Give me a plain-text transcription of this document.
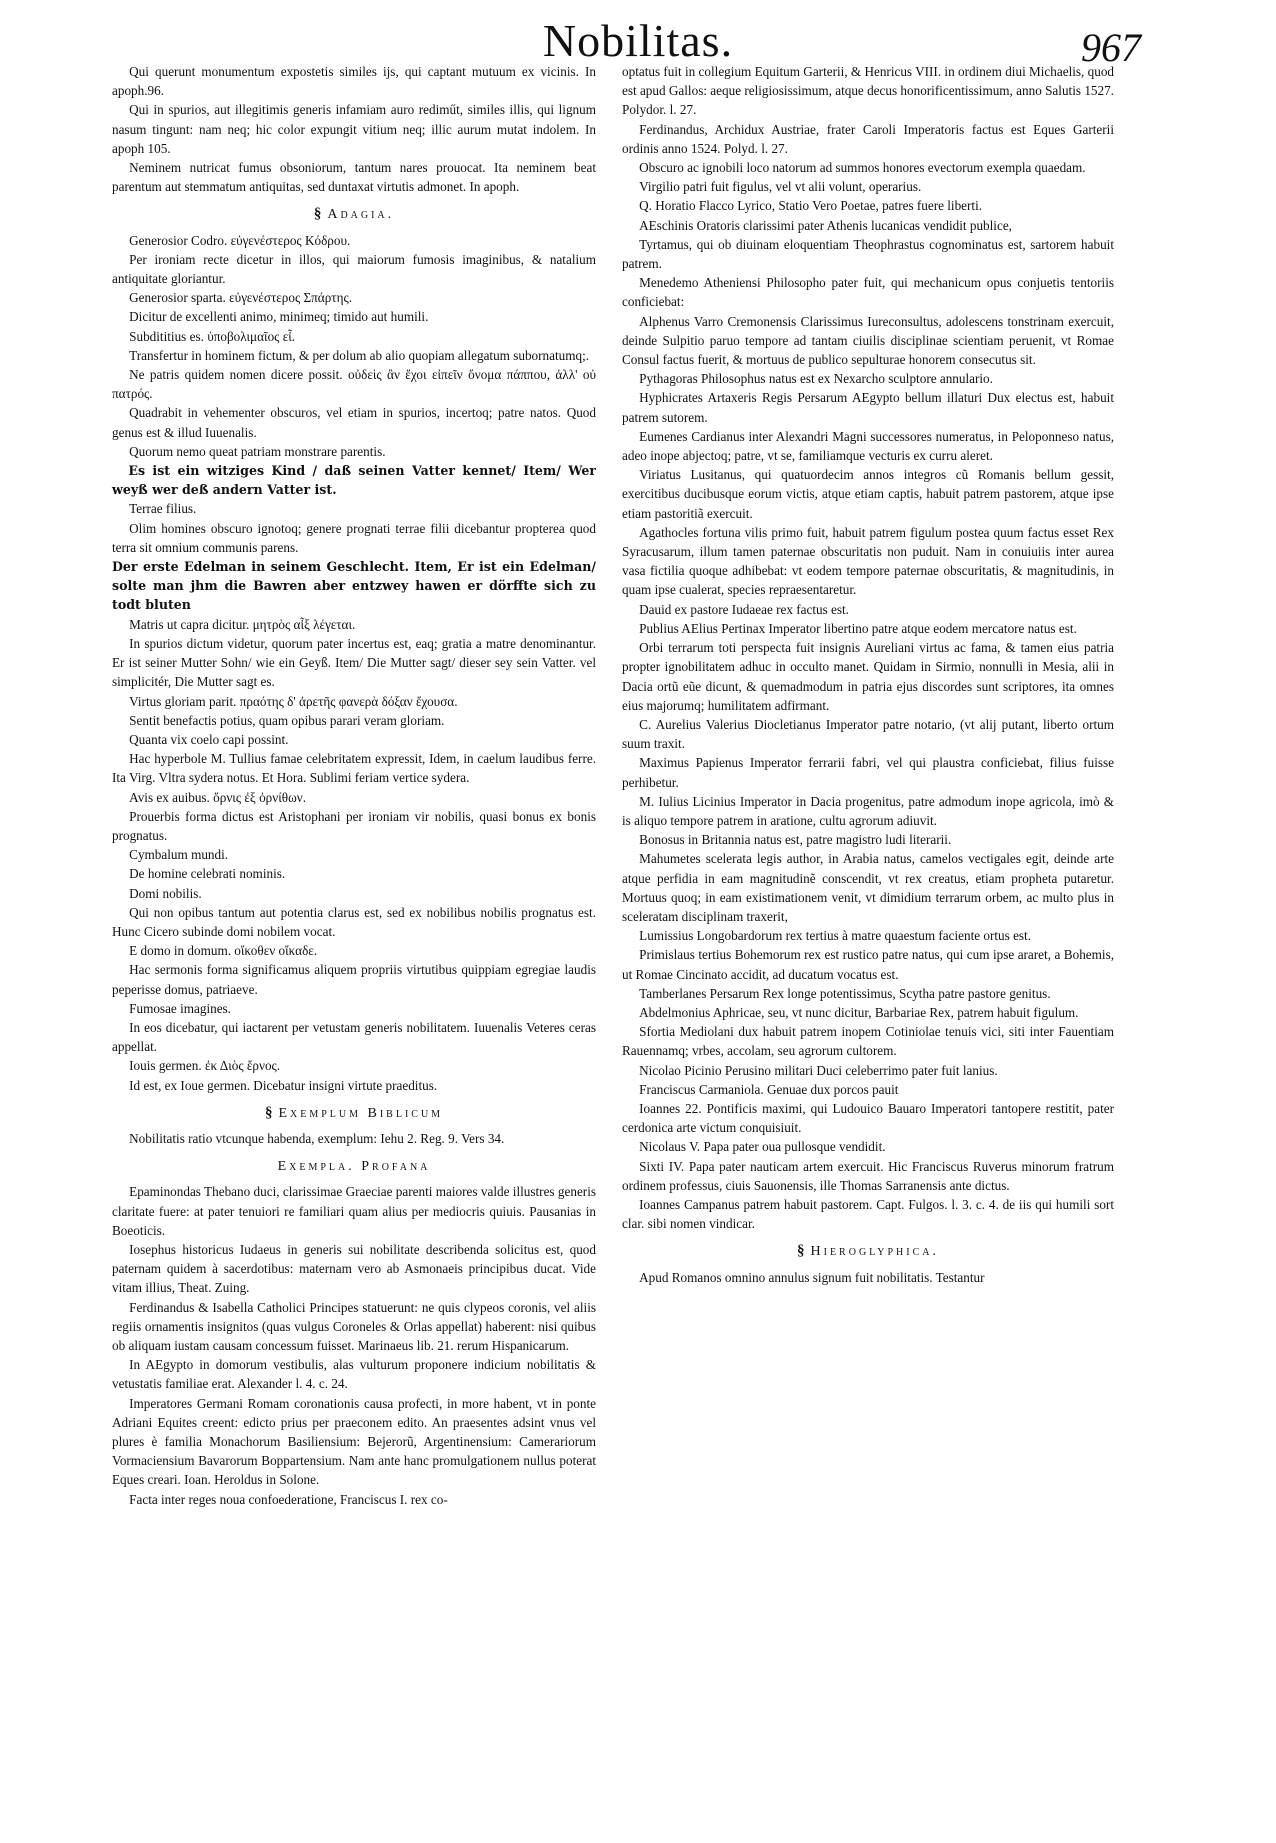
Nobilitas.	967

Qui querunt monumentum expostetis similes ijs, qui captant mutuum ex vicinis. In apoph.96.

Qui in spurios, aut illegitimis generis infamiam auro rediműt, similes illis, qui lignum nasum tingunt: nam neq; hic color expungit vitium neq; illic aurum mutat indolem. In apoph 105.

Neminem nutricat fumus obsoniorum, tantum nares prouocat. Ita neminem beat parentum aut stemmatum antiquitas, sed duntaxat virtutis admonet. In apoph.

§ Adagia.

Generosior Codro. εὐγενέστερος Κόδρου.

Per ironiam recte dicetur in illos, qui maiorum fumosis imaginibus, & natalium antiquitate gloriantur.

Generosior sparta. εὐγενέστερος Σπάρτης.

Dicitur de excellenti animo, minimeq; timido aut humili.

Subdititius es. ὑποβολιμαῖος εἶ.

Transfertur in hominem fictum, & per dolum ab alio quopiam allegatum subornatumq;.

Ne patris quidem nomen dicere possit. οὐδεὶς ἂν ἔχοι εἰπεῖν ὄνομα πάππου, ἀλλ' οὐ πατρός.

Quadrabit in vehementer obscuros, vel etiam in spurios, incertoq; patre natos. Quod genus est & illud Iuuenalis.

Quorum nemo queat patriam monstrare parentis.

Es ist ein witziges Kind / daß seinen Vatter kennet/ Item/ Wer weyß wer deß andern Vatter ist.

Terrae filius.

Olim homines obscuro ignotoq; genere prognati terrae filii dicebantur propterea quod terra sit omnium communis parens.

Der erste Edelman in seinem Geschlecht. Item, Er ist ein Edelman/ solte man jhm die Bawren aber entzwey hawen er dörffte sich zu todt bluten

Matris ut capra dicitur. μητρὸς αἶξ λέγεται.

In spurios dictum videtur, quorum pater incertus est, eaq; gratia a matre denominantur. Er ist seiner Mutter Sohn/ wie ein Geyß. Item/ Die Mutter sagt/ dieser sey sein Vatter. vel simplicitér, Die Mutter sagt es.

Virtus gloriam parit. πραότης δ' ἀρετῆς φανερὰ δόξαν ἔχουσα.

Sentit benefactis potius, quam opibus parari veram gloriam.

Quanta vix coelo capi possint.

Hac hyperbole M. Tullius famae celebritatem expressit, Idem, in caelum laudibus ferre. Ita Virg. Vltra sydera notus. Et Hora. Sublimi feriam vertice sydera.

Avis ex auibus. ὄρνις ἐξ ὀρνίθων.

Prouerbis forma dictus est Aristophani per ironiam vir nobilis, quasi bonus ex bonis prognatus.

Cymbalum mundi.

De homine celebrati nominis.

Domi nobilis.

Qui non opibus tantum aut potentia clarus est, sed ex nobilibus nobilis prognatus est. Hunc Cicero subinde domi nobilem vocat.

E domo in domum. οἴκοθεν οἴκαδε.

Hac sermonis forma significamus aliquem propriis virtutibus quippiam egregiae laudis peperisse domus, patriaeve.

Fumosae imagines.

In eos dicebatur, qui iactarent per vetustam generis nobilitatem. Iuuenalis Veteres ceras appellat.

Iouis germen. ἐκ Διὸς ἔρνος.

Id est, ex Ioue germen. Dicebatur insigni virtute praeditus.

§ Exemplum Biblicum

Nobilitatis ratio vtcunque habenda, exemplum: Iehu 2. Reg. 9. Vers 34.

Exempla. Profana

Epaminondas Thebano duci, clarissimae Graeciae parenti maiores valde illustres generis claritate fuere: at pater tenuiori re familiari quam alius per mediocris quiuis. Pausanias in Boeoticis.

Iosephus historicus Iudaeus in generis sui nobilitate describenda solicitus est, quod paternam quidem à sacerdotibus: maternam vero ab Asmonaeis principibus ducat. Vide vitam illius, Theat. Zuing.

Ferdinandus & Isabella Catholici Principes statuerunt: ne quis clypeos coronis, vel aliis regiis ornamentis insignitos (quas vulgus Coroneles & Orlas appellat) haberent: nisi quibus ob aliquam iustam causam concessum fuisset. Marinaeus lib. 21. rerum Hispanicarum.

In AEgypto in domorum vestibulis, alas vulturum proponere indicium nobilitatis & vetustatis familiae erat. Alexander l. 4. c. 24.

Imperatores Germani Romam coronationis causa profecti, in more habent, vt in ponte Adriani Equites creent: edicto prius per praeconem edito. An praesentes adsint vnus vel plures è familia Monachorum Basiliensium: Bejerorũ, Argentinensium: Camerariorum Vormaciensium Bavarorum Boppartensium. Nam ante hanc promulgationem nullus poterat Eques creari. Ioan. Heroldus in Solone.

Facta inter reges noua confoederatione, Franciscus I. rex co-

optatus fuit in collegium Equitum Garterii, & Henricus VIII. in ordinem diui Michaelis, quod est apud Gallos: aeque religiosissimum, atque decus honorificentissimum, anno Salutis 1527. Polydor. l. 27.

Ferdinandus, Archidux Austriae, frater Caroli Imperatoris factus est Eques Garterii ordinis anno 1524. Polyd. l. 27.

Obscuro ac ignobili loco natorum ad summos honores evectorum exempla quaedam.

Virgilio patri fuit figulus, vel vt alii volunt, operarius.

Q. Horatio Flacco Lyrico, Statio Vero Poetae, patres fuere liberti.

AEschinis Oratoris clarissimi pater Athenis lucanicas vendidit publice,

Tyrtamus, qui ob diuinam eloquentiam Theophrastus cognominatus est, sartorem habuit patrem.

Menedemo Atheniensi Philosopho pater fuit, qui mechanicum opus conjuetis tentoriis conficiebat:

Alphenus Varro Cremonensis Clarissimus Iureconsultus, adolescens tonstrinam exercuit, deinde Sulpitio paruo tempore ad tantam ciuilis disciplinae scientiam peruenit, vt Romae Consul factus fuerit, & mortuus de publico sepulturae honorem consecutus sit.

Pythagoras Philosophus natus est ex Nexarcho sculptore annulario.

Hyphicrates Artaxeris Regis Persarum AEgypto bellum illaturi Dux electus est, habuit patrem sutorem.

Eumenes Cardianus inter Alexandri Magni successores numeratus, in Peloponneso natus, adeo inope abjectoq; patre, vt se, familiamque vecturis ex curru aleret.

Viriatus Lusitanus, qui quatuordecim annos integros cũ Romanis bellum gessit, exercitibus ducibusque eorum victis, atque etiam captis, habuit patrem pastorem, atque ipse etiam pastoritiã exercuit.

Agathocles fortuna vilis primo fuit, habuit patrem figulum postea quum factus esset Rex Syracusarum, illum tamen paternae obscuritatis non puduit. Nam in conuiuiis inter aurea vasa fictilia quoque adhibebat: vt eodem tempore paternae obscuritatis, & magnitudinis, in quam ipse cualerat, species repraesentaretur.

Dauid ex pastore Iudaeae rex factus est.

Publius AElius Pertinax Imperator libertino patre atque eodem mercatore natus est.

Orbi terrarum toti perspecta fuit insignis Aureliani virtus ac fama, & tamen eius patria propter ignobilitatem adhuc in occulto manet. Quidam in Sirmio, nonnulli in Mesia, alii in Dacia ortũ eũe dicunt, & quemadmodum in patria ejus discordes sunt scriptores, ita omnes eius majorumq; humilitatem adfirmant.

C. Aurelius Valerius Diocletianus Imperator patre notario, (vt alij putant, liberto ortum suum traxit.

Maximus Papienus Imperator ferrarii fabri, vel qui plaustra conficiebat, filius fuisse perhibetur.

M. Iulius Licinius Imperator in Dacia progenitus, patre admodum inope agricola, imò & is aliquo tempore patrem in aratione, cultu agrorum adiuvit.

Bonosus in Britannia natus est, patre magistro ludi literarii.

Mahumetes scelerata legis author, in Arabia natus, camelos vectigales egit, deinde arte atque perfidia in eam magnitudinẽ conscendit, vt rex creatus, etiam propheta putaretur. Mortuus quoq; in eam existimationem venit, vt dimidium terrarum orbem, ac multo plus in sceleratam disciplinam traxerit,

Lumissius Longobardorum rex tertius à matre quaestum faciente ortus est.

Primislaus tertius Bohemorum rex est rustico patre natus, qui cum ipse araret, a Bohemis, ut Romae Cincinato accidit, ad ducatum vocatus est.

Tamberlanes Persarum Rex longe potentissimus, Scytha patre pastore genitus.

Abdelmonius Aphricae, seu, vt nunc dicitur, Barbariae Rex, patrem habuit figulum.

Sfortia Mediolani dux habuit patrem inopem Cotiniolae tenuis vici, siti inter Fauentiam Rauennamq; vrbes, accolam, seu agrorum cultorem.

Nicolao Picinio Perusino militari Duci celeberrimo pater fuit lanius.

Franciscus Carmaniola. Genuae dux porcos pauit

Ioannes 22. Pontificis maximi, qui Ludouico Bauaro Imperatori tantopere restitit, pater cerdonica arte victum conquisiuit.

Nicolaus V. Papa pater oua pullosque vendidit.

Sixti IV. Papa pater nauticam artem exercuit. Hic Franciscus Ruverus minorum fratrum ordinem professus, ciuis Sauonensis, ille Thomas Sarranensis ante dictus.

Ioannes Campanus patrem habuit pastorem. Capt. Fulgos. l. 3. c. 4. de iis qui humili sort clar. sibi nomen vindicar.

§ Hieroglyphica.

Apud Romanos omnino annulus signum fuit nobilitatis. Testantur
